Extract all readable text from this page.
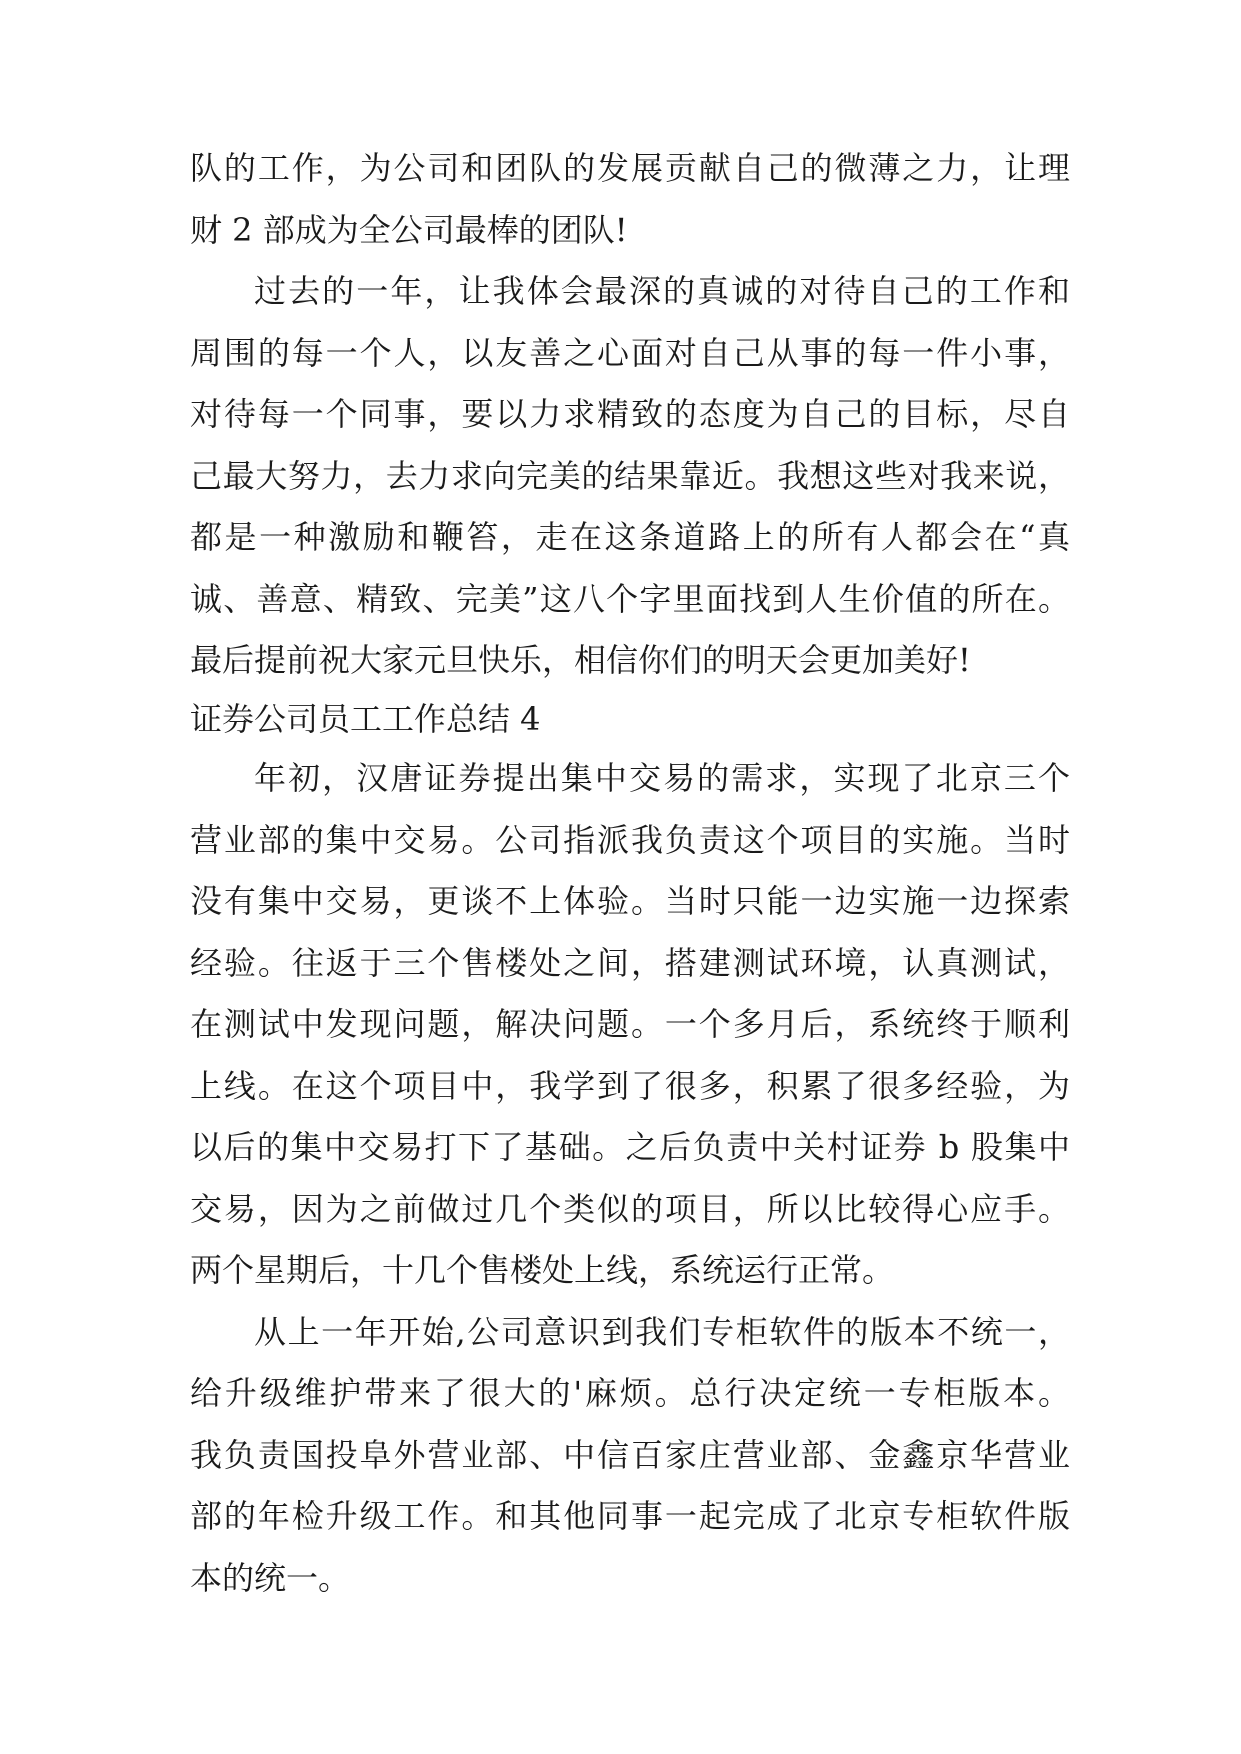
队的工作，为公司和团队的发展贡献自己的微薄之力，让理

财 2 部成为全公司最棒的团队!

过去的一年，让我体会最深的真诚的对待自己的工作和

周围的每一个人，以友善之心面对自己从事的每一件小事，

对待每一个同事，要以力求精致的态度为自己的目标，尽自

己最大努力，去力求向完美的结果靠近。我想这些对我来说，

都是一种激励和鞭笞，走在这条道路上的所有人都会在“真

诚、善意、精致、完美”这八个字里面找到人生价值的所在。

最后提前祝大家元旦快乐，相信你们的明天会更加美好!

证券公司员工工作总结 4

年初，汉唐证券提出集中交易的需求，实现了北京三个

营业部的集中交易。公司指派我负责这个项目的实施。当时

没有集中交易，更谈不上体验。当时只能一边实施一边探索

经验。往返于三个售楼处之间，搭建测试环境，认真测试，

在测试中发现问题，解决问题。一个多月后，系统终于顺利

上线。在这个项目中，我学到了很多，积累了很多经验，为

以后的集中交易打下了基础。之后负责中关村证券 b 股集中

交易，因为之前做过几个类似的项目，所以比较得心应手。

两个星期后，十几个售楼处上线，系统运行正常。

从上一年开始,公司意识到我们专柜软件的版本不统一，

给升级维护带来了很大的'麻烦。总行决定统一专柜版本。

我负责国投阜外营业部、中信百家庄营业部、金鑫京华营业

部的年检升级工作。和其他同事一起完成了北京专柜软件版

本的统一。
